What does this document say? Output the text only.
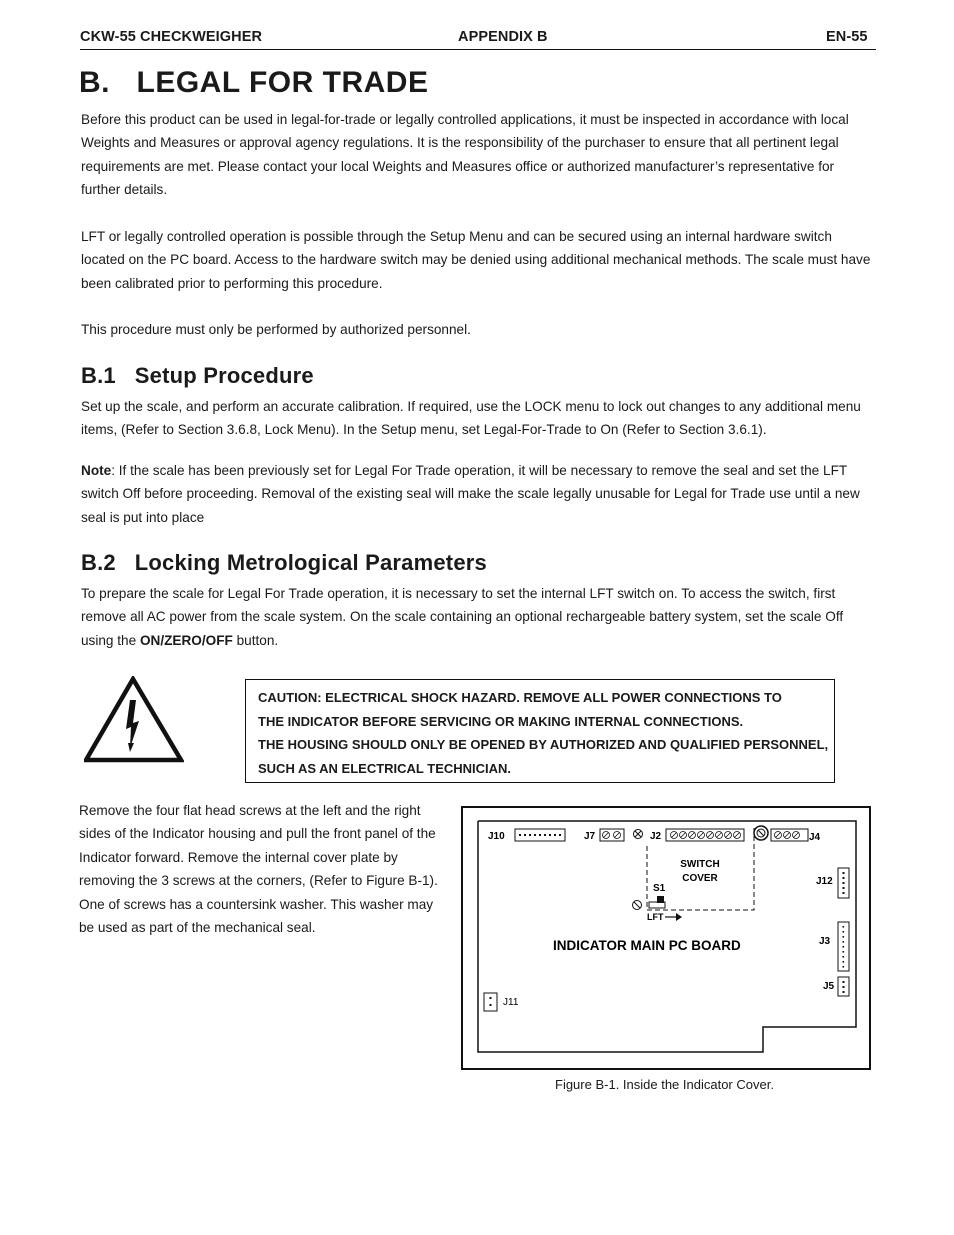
CKW-55 CHECKWEIGHER	APPENDIX B	EN-55
B.   LEGAL FOR TRADE

Before this product can be used in legal-for-trade or legally controlled applications, it must be inspected in accordance with local Weights and Measures or approval agency regulations. It is the responsibility of the purchaser to ensure that all pertinent legal requirements are met. Please contact your local Weights and Measures office or authorized manufacturer’s representative for further details.

LFT or legally controlled operation is possible through the Setup Menu and can be secured using an internal hardware switch located on the PC board. Access to the hardware switch may be denied using additional mechanical methods. The scale must have been calibrated prior to performing this procedure.

This procedure must only be performed by authorized personnel.

B.1   Setup Procedure

Set up the scale, and perform an accurate calibration. If required, use the LOCK menu to lock out changes to any additional menu items, (Refer to Section 3.6.8, Lock Menu). In the Setup menu, set Legal-For-Trade to On (Refer to Section 3.6.1).

Note: If the scale has been previously set for Legal For Trade operation, it will be necessary to remove the seal and set the LFT switch Off before proceeding. Removal of the existing seal will make the scale legally unusable for Legal for Trade use until a new seal is put into place

B.2   Locking Metrological Parameters

To prepare the scale for Legal For Trade operation, it is necessary to set the internal LFT switch on. To access the switch, first remove all AC power from the scale system. On the scale containing an optional rechargeable battery system, set the scale Off using the ON/ZERO/OFF button.

CAUTION: ELECTRICAL SHOCK HAZARD. REMOVE ALL POWER CONNECTIONS TO
THE INDICATOR BEFORE SERVICING OR MAKING INTERNAL CONNECTIONS.
THE HOUSING SHOULD ONLY BE OPENED BY AUTHORIZED AND QUALIFIED PERSONNEL,
SUCH AS AN ELECTRICAL TECHNICIAN.
Remove the four flat head screws at the left and the right sides of the Indicator housing and pull the front panel of the Indicator forward. Remove the internal cover plate by removing the 3 screws at the corners, (Refer to Figure B-1). One of screws has a countersink washer. This washer may be used as part of the mechanical seal.
J10	J7	J2	J4
SWITCH
COVER
S1
LFT
J12
INDICATOR MAIN PC BOARD	J3
J5
J11
Figure B-1. Inside the Indicator Cover.
